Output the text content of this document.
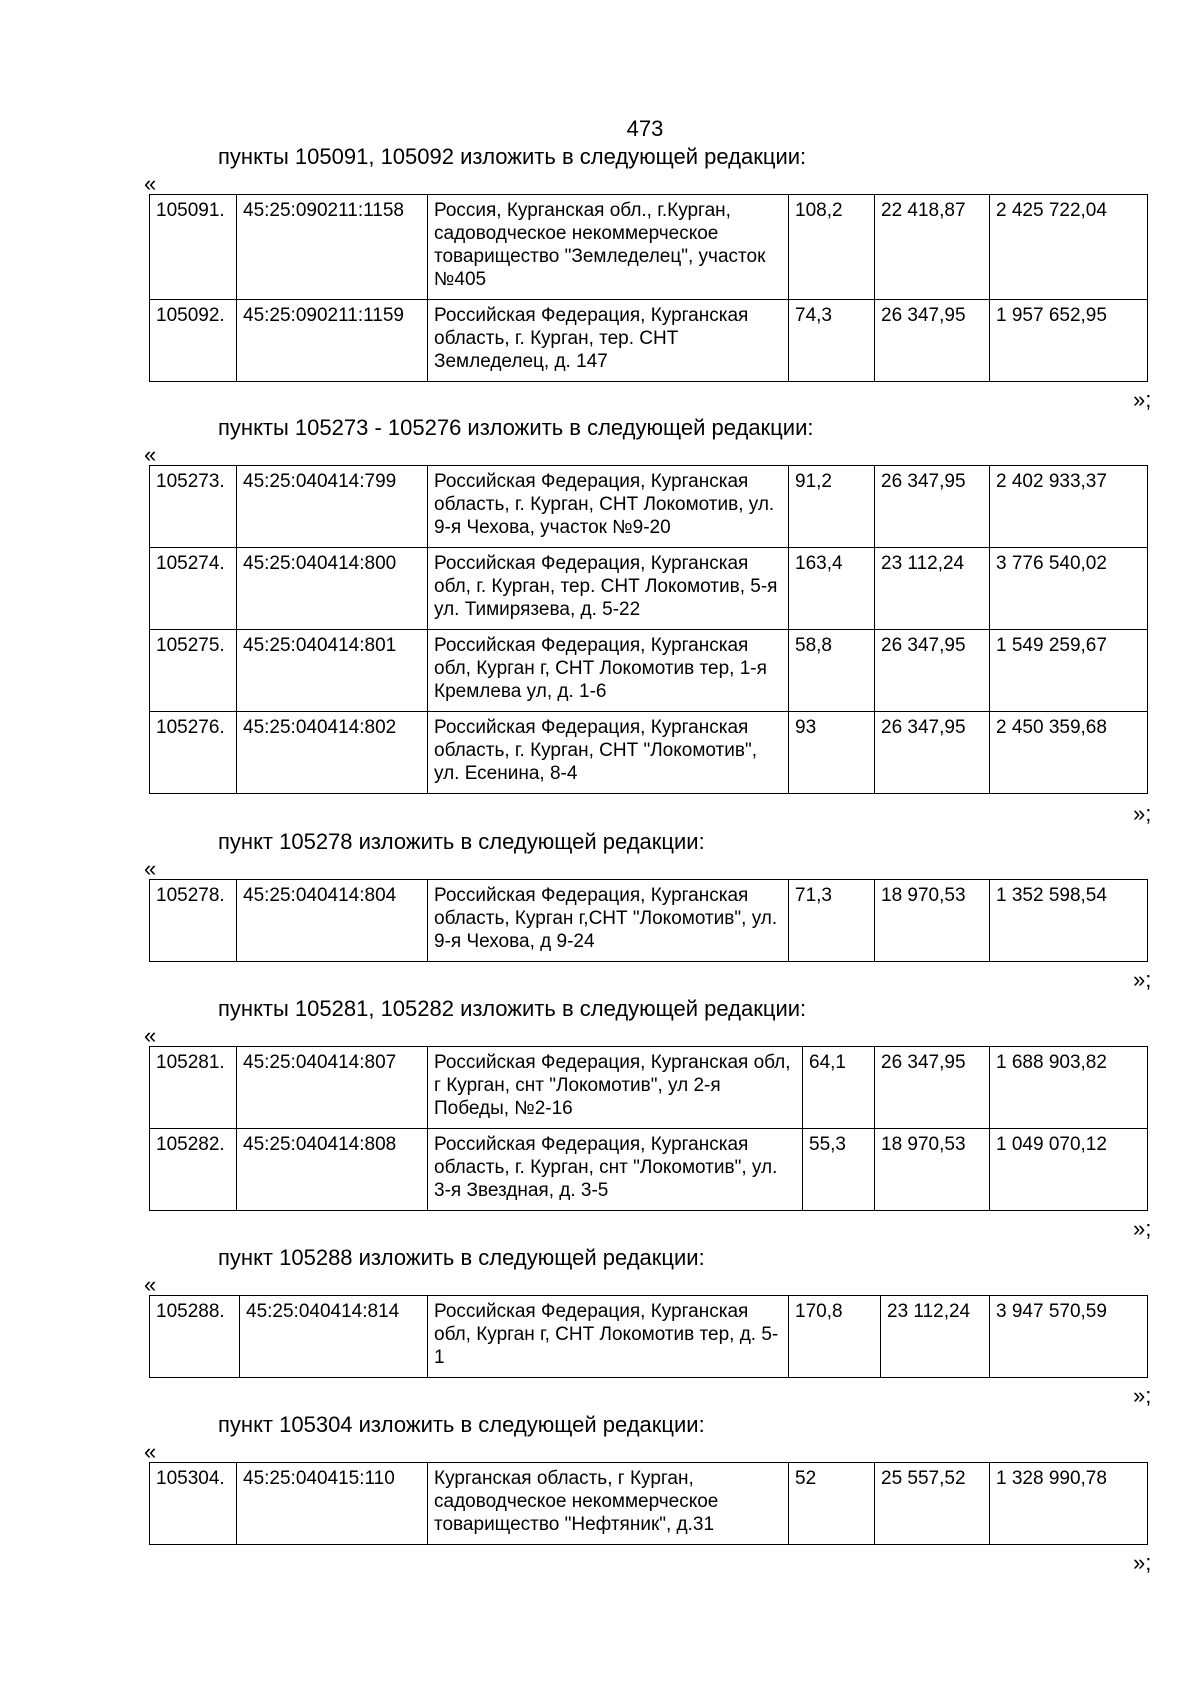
473
пункты 105091, 105092 изложить в следующей редакции:
«
105091.	45:25:090211:1158	Россия, Курганская обл., г.Курган, садоводческое некоммерческое товарищество "Земледелец", участок №405	108,2	22 418,87	2 425 722,04
105092.	45:25:090211:1159	Российская Федерация, Курганская область, г. Курган, тер. СНТ Земледелец, д. 147	74,3	26 347,95	1 957 652,95
»;
пункты 105273 - 105276 изложить в следующей редакции:
«
105273.	45:25:040414:799	Российская Федерация, Курганская область, г. Курган, СНТ Локомотив, ул. 9-я Чехова, участок №9-20	91,2	26 347,95	2 402 933,37
105274.	45:25:040414:800	Российская Федерация, Курганская обл, г. Курган, тер. СНТ Локомотив, 5-я ул. Тимирязева, д. 5-22	163,4	23 112,24	3 776 540,02
105275.	45:25:040414:801	Российская Федерация, Курганская обл, Курган г, СНТ Локомотив тер, 1-я Кремлева ул, д. 1-6	58,8	26 347,95	1 549 259,67
105276.	45:25:040414:802	Российская Федерация, Курганская область, г. Курган, СНТ "Локомотив", ул. Есенина, 8-4	93	26 347,95	2 450 359,68
»;
пункт 105278 изложить в следующей редакции:
«
105278.	45:25:040414:804	Российская Федерация, Курганская область, Курган г,СНТ "Локомотив", ул. 9-я Чехова, д 9-24	71,3	18 970,53	1 352 598,54
»;
пункты 105281, 105282 изложить в следующей редакции:
«
105281.	45:25:040414:807	Российская Федерация, Курганская обл, г Курган, снт "Локомотив", ул 2-я Победы, №2-16	64,1	26 347,95	1 688 903,82
105282.	45:25:040414:808	Российская Федерация, Курганская область, г. Курган, снт "Локомотив", ул. 3-я Звездная, д. 3-5	55,3	18 970,53	1 049 070,12
»;
пункт 105288 изложить в следующей редакции:
«
105288.	45:25:040414:814	Российская Федерация, Курганская обл, Курган г, СНТ Локомотив тер, д. 5-1	170,8	23 112,24	3 947 570,59
»;
пункт 105304 изложить в следующей редакции:
«
105304.	45:25:040415:110	Курганская область, г Курган, садоводческое некоммерческое товарищество "Нефтяник", д.31	52	25 557,52	1 328 990,78
»;
